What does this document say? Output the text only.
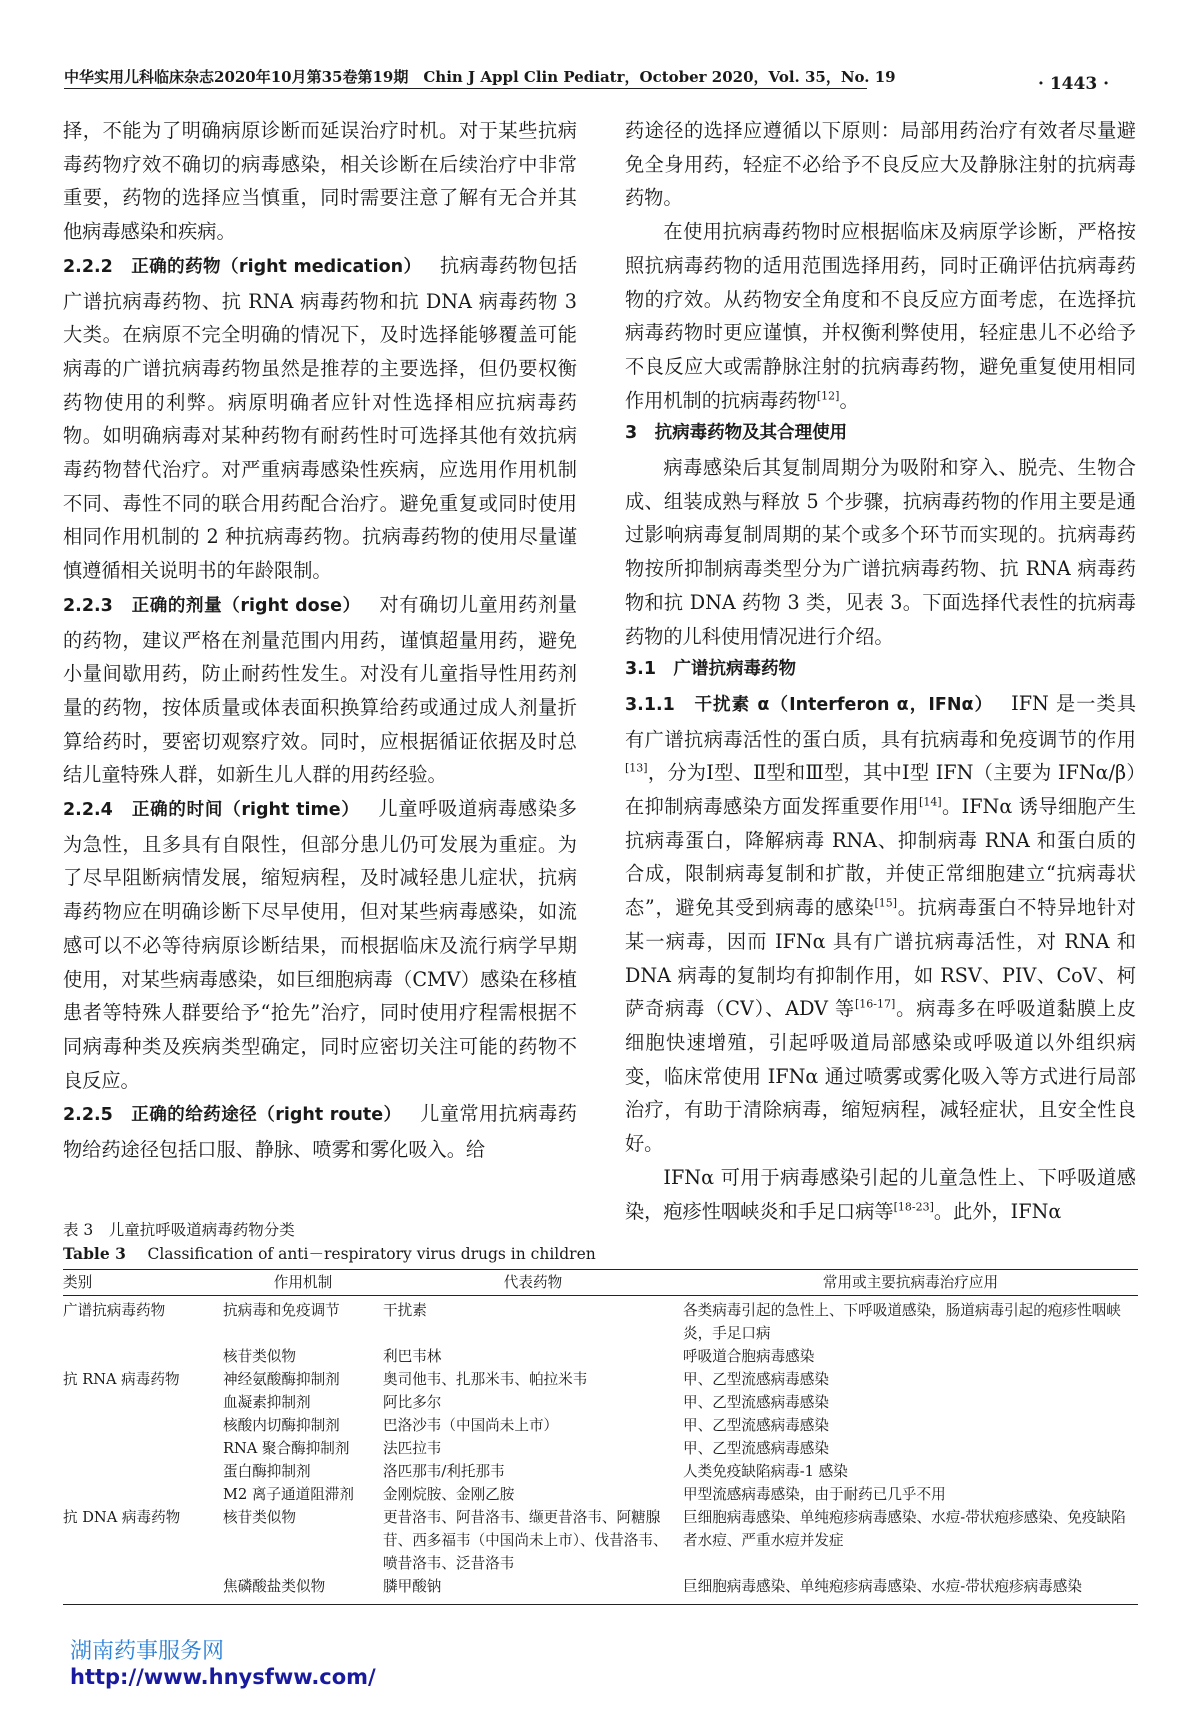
中华实用儿科临床杂志2020年10月第35卷第19期　Chin J Appl Clin Pediatr，October 2020，Vol. 35，No. 19	· 1443 ·

择，不能为了明确病原诊断而延误治疗时机。对于某些抗病毒药物疗效不确切的病毒感染，相关诊断在后续治疗中非常重要，药物的选择应当慎重，同时需要注意了解有无合并其他病毒感染和疾病。

2.2.2　正确的药物（right medication） 抗病毒药物包括广谱抗病毒药物、抗 RNA 病毒药物和抗 DNA 病毒药物 3 大类。在病原不完全明确的情况下，及时选择能够覆盖可能病毒的广谱抗病毒药物虽然是推荐的主要选择，但仍要权衡药物使用的利弊。病原明确者应针对性选择相应抗病毒药物。如明确病毒对某种药物有耐药性时可选择其他有效抗病毒药物替代治疗。对严重病毒感染性疾病，应选用作用机制不同、毒性不同的联合用药配合治疗。避免重复或同时使用相同作用机制的 2 种抗病毒药物。抗病毒药物的使用尽量谨慎遵循相关说明书的年龄限制。

2.2.3　正确的剂量（right dose） 对有确切儿童用药剂量的药物，建议严格在剂量范围内用药，谨慎超量用药，避免小量间歇用药，防止耐药性发生。对没有儿童指导性用药剂量的药物，按体质量或体表面积换算给药或通过成人剂量折算给药时，要密切观察疗效。同时，应根据循证依据及时总结儿童特殊人群，如新生儿人群的用药经验。

2.2.4　正确的时间（right time） 儿童呼吸道病毒感染多为急性，且多具有自限性，但部分患儿仍可发展为重症。为了尽早阻断病情发展，缩短病程，及时减轻患儿症状，抗病毒药物应在明确诊断下尽早使用，但对某些病毒感染，如流感可以不必等待病原诊断结果，而根据临床及流行病学早期使用，对某些病毒感染，如巨细胞病毒（CMV）感染在移植患者等特殊人群要给予“抢先”治疗，同时使用疗程需根据不同病毒种类及疾病类型确定，同时应密切关注可能的药物不良反应。

2.2.5　正确的给药途径（right route） 儿童常用抗病毒药物给药途径包括口服、静脉、喷雾和雾化吸入。给

药途径的选择应遵循以下原则：局部用药治疗有效者尽量避免全身用药，轻症不必给予不良反应大及静脉注射的抗病毒药物。

在使用抗病毒药物时应根据临床及病原学诊断，严格按照抗病毒药物的适用范围选择用药，同时正确评估抗病毒药物的疗效。从药物安全角度和不良反应方面考虑，在选择抗病毒药物时更应谨慎，并权衡利弊使用，轻症患儿不必给予不良反应大或需静脉注射的抗病毒药物，避免重复使用相同作用机制的抗病毒药物[12]。

3　抗病毒药物及其合理使用

病毒感染后其复制周期分为吸附和穿入、脱壳、生物合成、组装成熟与释放 5 个步骤，抗病毒药物的作用主要是通过影响病毒复制周期的某个或多个环节而实现的。抗病毒药物按所抑制病毒类型分为广谱抗病毒药物、抗 RNA 病毒药物和抗 DNA 药物 3 类，见表 3。下面选择代表性的抗病毒药物的儿科使用情况进行介绍。

3.1　广谱抗病毒药物

3.1.1　干扰素 α（Interferon α，IFNα） IFN 是一类具有广谱抗病毒活性的蛋白质，具有抗病毒和免疫调节的作用[13]，分为Ⅰ型、Ⅱ型和Ⅲ型，其中Ⅰ型 IFN（主要为 IFNα/β）在抑制病毒感染方面发挥重要作用[14]。IFNα 诱导细胞产生抗病毒蛋白，降解病毒 RNA、抑制病毒 RNA 和蛋白质的合成，限制病毒复制和扩散，并使正常细胞建立“抗病毒状态”，避免其受到病毒的感染[15]。抗病毒蛋白不特异地针对某一病毒，因而 IFNα 具有广谱抗病毒活性，对 RNA 和 DNA 病毒的复制均有抑制作用，如 RSV、PIV、CoV、柯萨奇病毒（CV）、ADV 等[16-17]。病毒多在呼吸道黏膜上皮细胞快速增殖，引起呼吸道局部感染或呼吸道以外组织病变，临床常使用 IFNα 通过喷雾或雾化吸入等方式进行局部治疗，有助于清除病毒，缩短病程，减轻症状，且安全性良好。

IFNα 可用于病毒感染引起的儿童急性上、下呼吸道感染，疱疹性咽峡炎和手足口病等[18-23]。此外，IFNα

表 3　儿童抗呼吸道病毒药物分类
Table 3 Classification of anti－respiratory virus drugs in children
类别	作用机制	代表药物	常用或主要抗病毒治疗应用
广谱抗病毒药物	抗病毒和免疫调节	干扰素	各类病毒引起的急性上、下呼吸道感染，肠道病毒引起的疱疹性咽峡炎，手足口病
	核苷类似物	利巴韦林	呼吸道合胞病毒感染
抗 RNA 病毒药物	神经氨酸酶抑制剂	奥司他韦、扎那米韦、帕拉米韦	甲、乙型流感病毒感染
	血凝素抑制剂	阿比多尔	甲、乙型流感病毒感染
	核酸内切酶抑制剂	巴洛沙韦（中国尚未上市）	甲、乙型流感病毒感染
	RNA 聚合酶抑制剂	法匹拉韦	甲、乙型流感病毒感染
	蛋白酶抑制剂	洛匹那韦/利托那韦	人类免疫缺陷病毒-1 感染
	M2 离子通道阻滞剂	金刚烷胺、金刚乙胺	甲型流感病毒感染，由于耐药已几乎不用
抗 DNA 病毒药物	核苷类似物	更昔洛韦、阿昔洛韦、缬更昔洛韦、阿糖腺苷、西多福韦（中国尚未上市）、伐昔洛韦、喷昔洛韦、泛昔洛韦	巨细胞病毒感染、单纯疱疹病毒感染、水痘-带状疱疹感染、免疫缺陷者水痘、严重水痘并发症
	焦磷酸盐类似物	膦甲酸钠	巨细胞病毒感染、单纯疱疹病毒感染、水痘-带状疱疹病毒感染
湖南药事服务网
http://www.hnysfww.com/
